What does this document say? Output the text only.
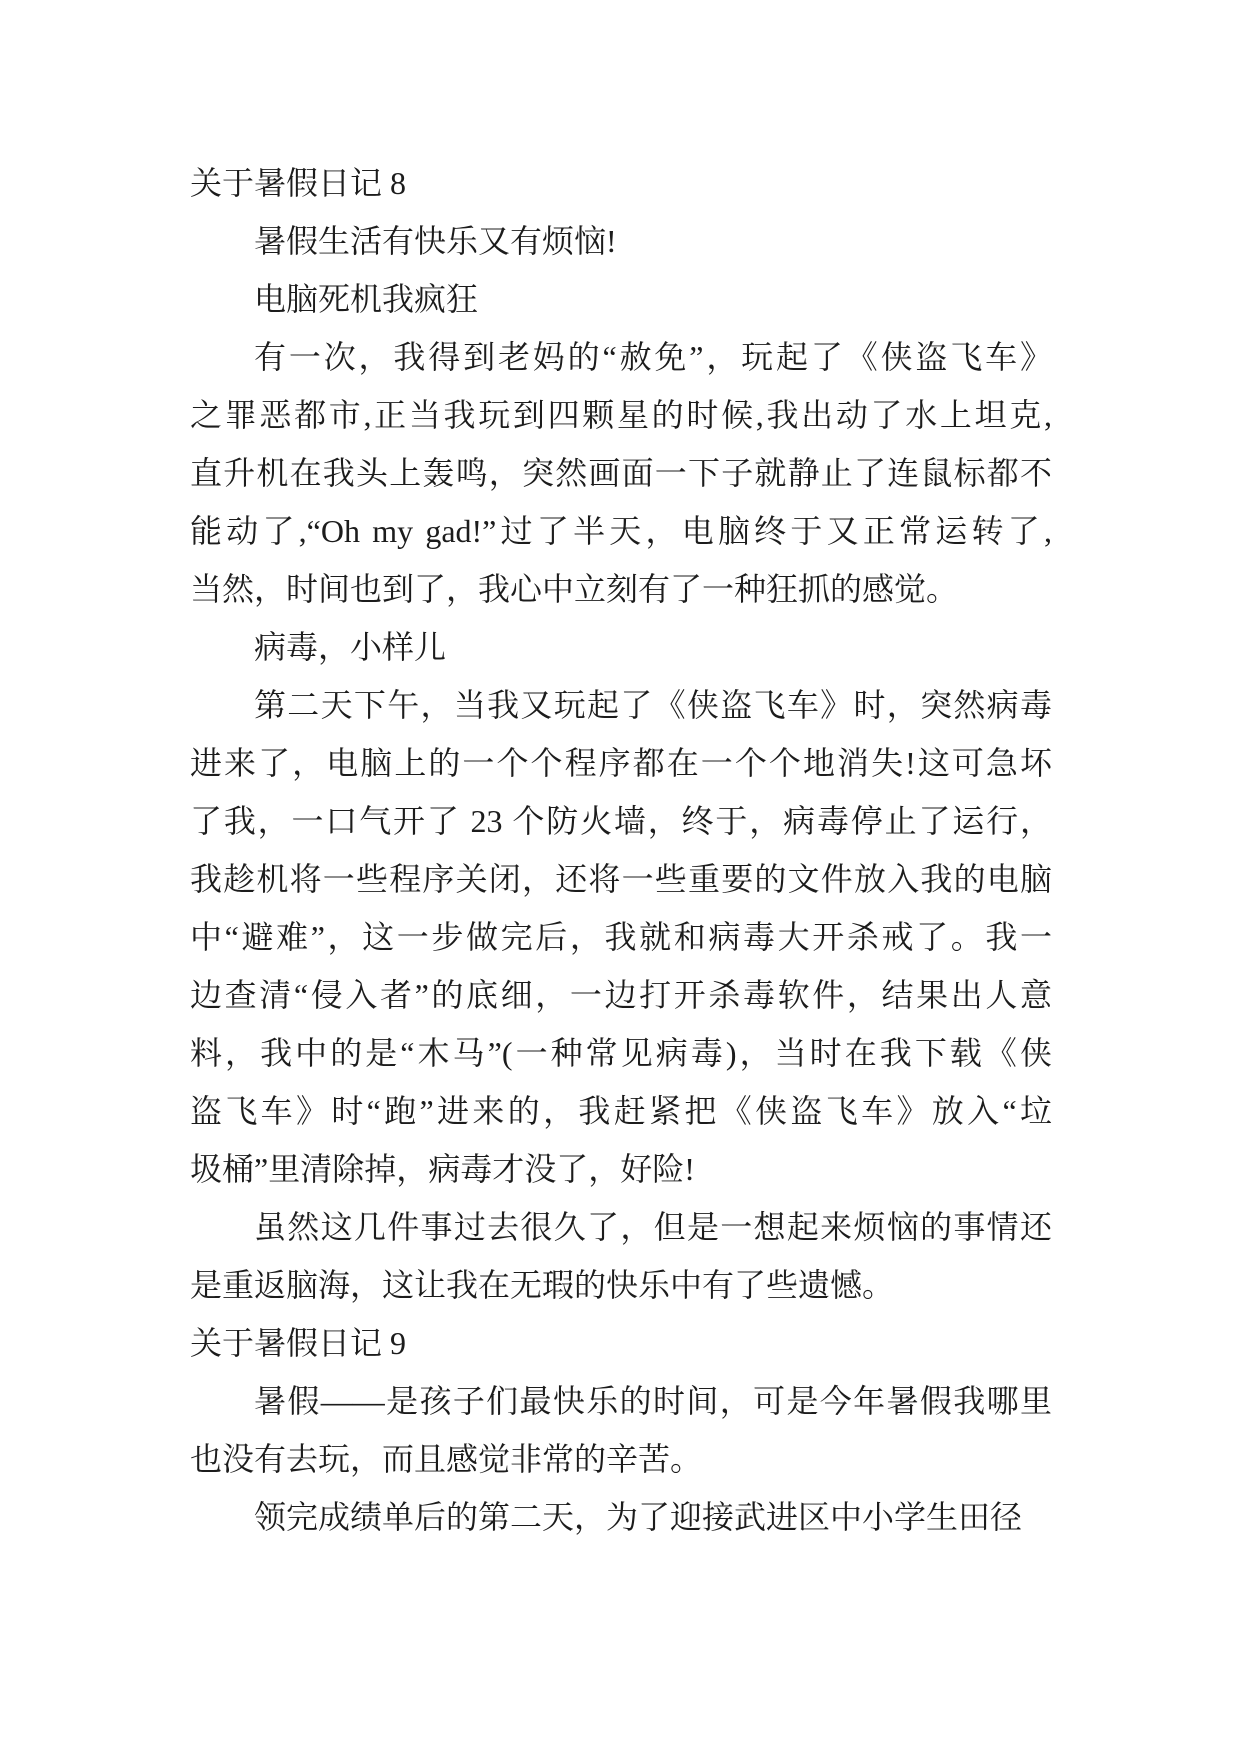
关于暑假日记 8
暑假生活有快乐又有烦恼!
电脑死机我疯狂
有一次，我得到老妈的“赦免”，玩起了《侠盗飞车》
之罪恶都市,正当我玩到四颗星的时候,我出动了水上坦克,
直升机在我头上轰鸣，突然画面一下子就静止了连鼠标都不
能动了,“Oh my gad!”过了半天，电脑终于又正常运转了,
当然，时间也到了，我心中立刻有了一种狂抓的感觉。
病毒，小样儿
第二天下午，当我又玩起了《侠盗飞车》时，突然病毒
进来了，电脑上的一个个程序都在一个个地消失!这可急坏
了我，一口气开了 23 个防火墙，终于，病毒停止了运行，
我趁机将一些程序关闭，还将一些重要的文件放入我的电脑
中“避难”，这一步做完后，我就和病毒大开杀戒了。我一
边查清“侵入者”的底细，一边打开杀毒软件，结果出人意
料，我中的是“木马”(一种常见病毒)，当时在我下载《侠
盗飞车》时“跑”进来的，我赶紧把《侠盗飞车》放入“垃
圾桶”里清除掉，病毒才没了，好险!
虽然这几件事过去很久了，但是一想起来烦恼的事情还
是重返脑海，这让我在无瑕的快乐中有了些遗憾。
关于暑假日记 9
暑假——是孩子们最快乐的时间，可是今年暑假我哪里
也没有去玩，而且感觉非常的辛苦。
领完成绩单后的第二天，为了迎接武进区中小学生田径
